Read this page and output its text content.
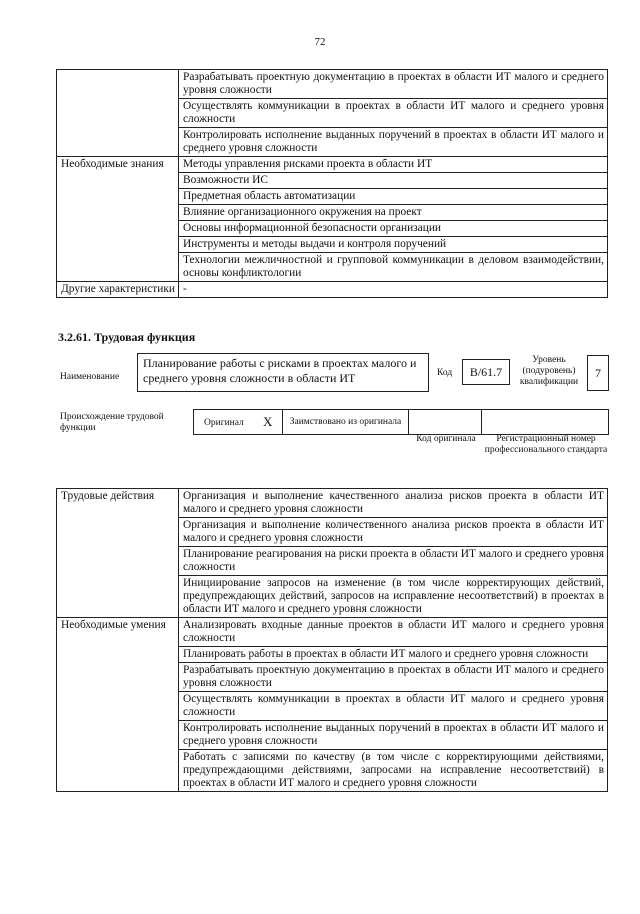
72
	Разрабатывать проектную документацию в проектах в области ИТ малого и среднего уровня сложности
	Осуществлять коммуникации в проектах в области ИТ малого и среднего уровня сложности
	Контролировать исполнение выданных поручений в проектах в области ИТ малого и среднего уровня сложности
Необходимые знания	Методы управления рисками проекта в области ИТ
	Возможности ИС
	Предметная область автоматизации
	Влияние организационного окружения на проект
	Основы информационной безопасности организации
	Инструменты и методы выдачи и контроля поручений
	Технологии межличностной и групповой коммуникации в деловом взаимодействии, основы конфликтологии
Другие характеристики	-
3.2.61. Трудовая функция
Наименование
Планирование работы с рисками в проектах малого и среднего уровня сложности в области ИТ	Код	B/61.7
Уровень (подуровень) квалификации
7
Происхождение трудовой функции	Оригинал X	Заимствовано из оригинала
Код оригинала	Регистрационный номер профессионального стандарта
Трудовые действия	Организация и выполнение качественного анализа рисков проекта в области ИТ малого и среднего уровня сложности
	Организация и выполнение количественного анализа рисков проекта в области ИТ малого и среднего уровня сложности
	Планирование реагирования на риски проекта в области ИТ малого и среднего уровня сложности
	Инициирование запросов на изменение (в том числе корректирующих действий, предупреждающих действий, запросов на исправление несоответствий) в проектах в области ИТ малого и среднего уровня сложности
Необходимые умения	Анализировать входные данные проектов в области ИТ малого и среднего уровня сложности
	Планировать работы в проектах в области ИТ малого и среднего уровня сложности
	Разрабатывать проектную документацию в проектах в области ИТ малого и среднего уровня сложности
	Осуществлять коммуникации в проектах в области ИТ малого и среднего уровня сложности
	Контролировать исполнение выданных поручений в проектах в области ИТ малого и среднего уровня сложности
	Работать с записями по качеству (в том числе с корректирующими действиями, предупреждающими действиями, запросами на исправление несоответствий) в проектах в области ИТ малого и среднего уровня сложности
